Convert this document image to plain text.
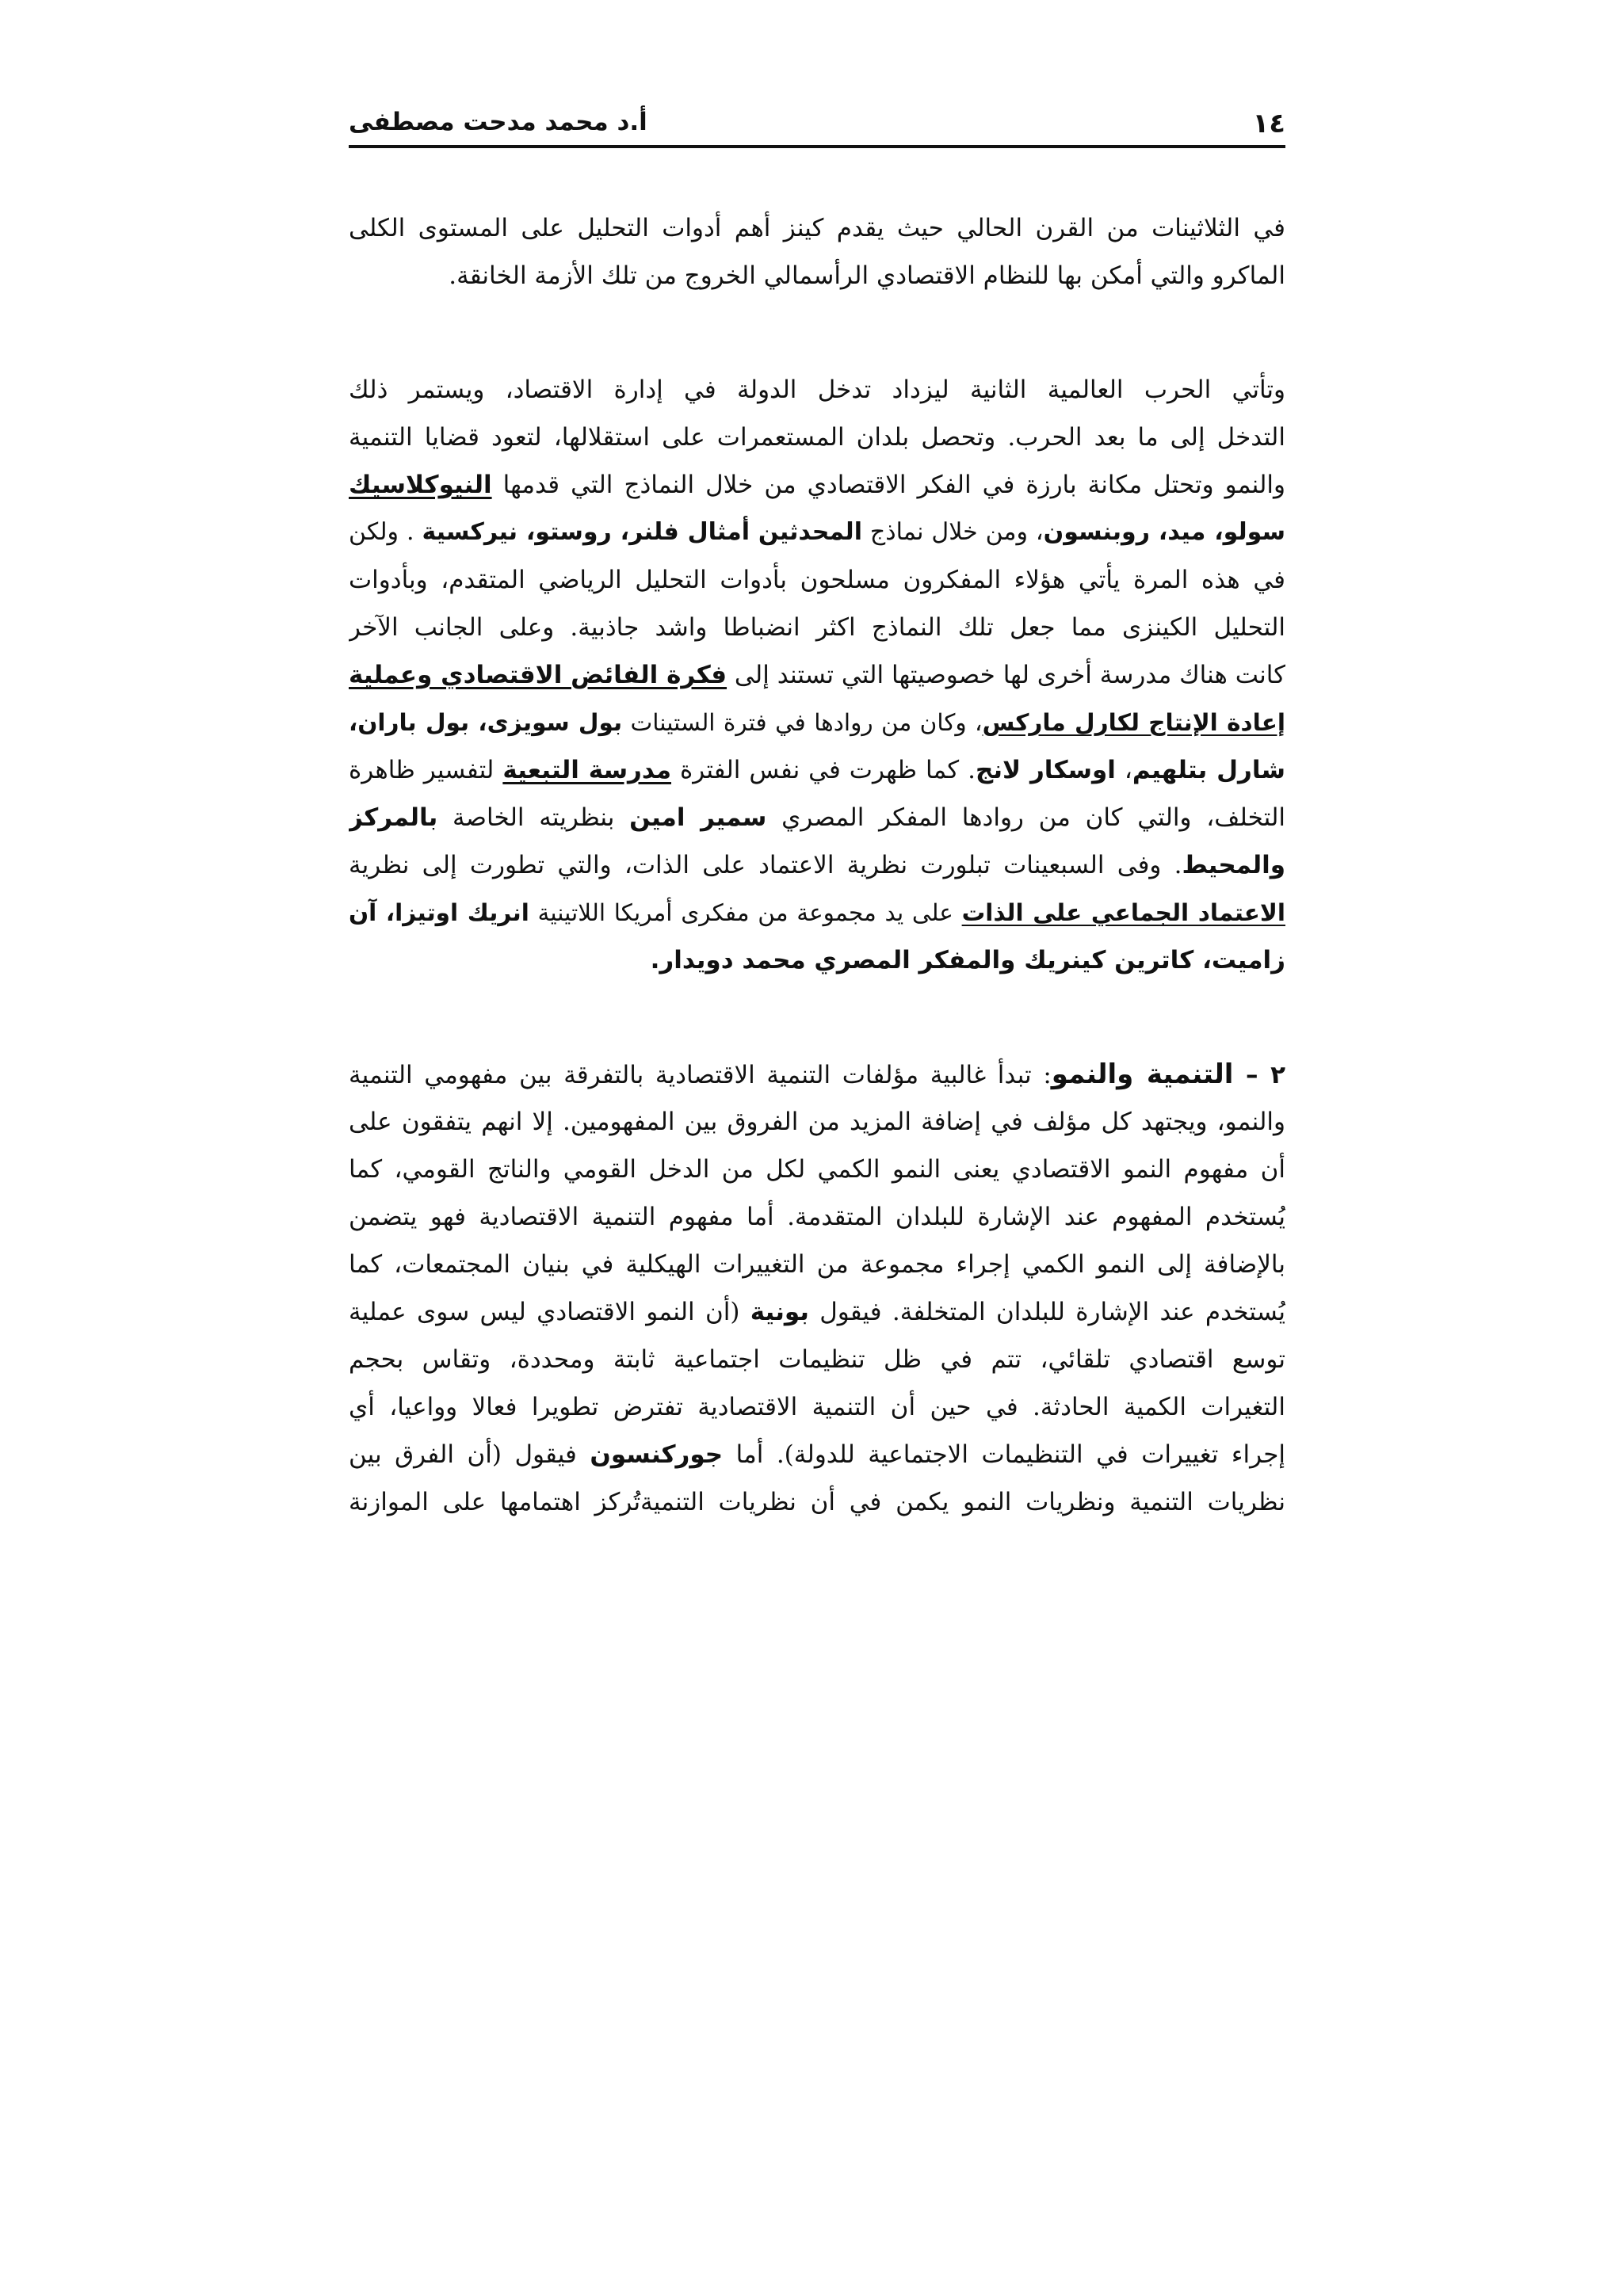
١٤
أ.د محمد مدحت مصطفى
في الثلاثينات من القرن الحالي حيث يقدم كينز أهم أدوات التحليل على المستوى الكلى
الماكرو والتي أمكن بها للنظام الاقتصادي الرأسمالي الخروج من تلك الأزمة الخانقة.
وتأتي الحرب العالمية الثانية ليزداد تدخل الدولة في إدارة الاقتصاد، ويستمر ذلك
التدخل إلى ما بعد الحرب. وتحصل بلدان المستعمرات على استقلالها، لتعود قضايا التنمية
والنمو وتحتل مكانة بارزة في الفكر الاقتصادي من خلال النماذج التي قدمها النيوكلاسيك
سولو، ميد، روبنسون، ومن خلال نماذج المحدثين أمثال فلنر، روستو، نيركسية . ولكن
في هذه المرة يأتي هؤلاء المفكرون مسلحون بأدوات التحليل الرياضي المتقدم، وبأدوات
التحليل الكينزى مما جعل تلك النماذج اكثر انضباطا واشد جاذبية. وعلى الجانب الآخر
كانت هناك مدرسة أخرى لها خصوصيتها التي تستند إلى فكرة الفائض الاقتصادي وعملية
إعادة الإنتاج لكارل ماركس، وكان من روادها في فترة الستينات بول سويزى، بول باران،
شارل بتلهيم، اوسكار لانج. كما ظهرت في نفس الفترة مدرسة التبعية لتفسير ظاهرة
التخلف، والتي كان من روادها المفكر المصري سمير امين بنظريته الخاصة بالمركز
والمحيط. وفى السبعينات تبلورت نظرية الاعتماد على الذات، والتي تطورت إلى نظرية
الاعتماد الجماعي على الذات على يد مجموعة من مفكرى أمريكا اللاتينية انريك اوتيزا، آن
زاميت، كاترين كينريك والمفكر المصري محمد دويدار.
٢ – التنمية والنمو: تبدأ غالبية مؤلفات التنمية الاقتصادية بالتفرقة بين مفهومي التنمية
والنمو، ويجتهد كل مؤلف في إضافة المزيد من الفروق بين المفهومين. إلا انهم يتفقون على
أن مفهوم النمو الاقتصادي يعنى النمو الكمي لكل من الدخل القومي والناتج القومي، كما
يُستخدم المفهوم عند الإشارة للبلدان المتقدمة. أما مفهوم التنمية الاقتصادية فهو يتضمن
بالإضافة إلى النمو الكمي إجراء مجموعة من التغييرات الهيكلية في بنيان المجتمعات، كما
يُستخدم عند الإشارة للبلدان المتخلفة. فيقول بونية (أن النمو الاقتصادي ليس سوى عملية
توسع اقتصادي تلقائي، تتم في ظل تنظيمات اجتماعية ثابتة ومحددة، وتقاس بحجم
التغيرات الكمية الحادثة. في حين أن التنمية الاقتصادية تفترض تطويرا فعالا وواعيا، أي
إجراء تغييرات في التنظيمات الاجتماعية للدولة). أما جوركنسون فيقول (أن الفرق بين
نظريات التنمية ونظريات النمو يكمن في أن نظريات التنميةتُركز اهتمامها على الموازنة
